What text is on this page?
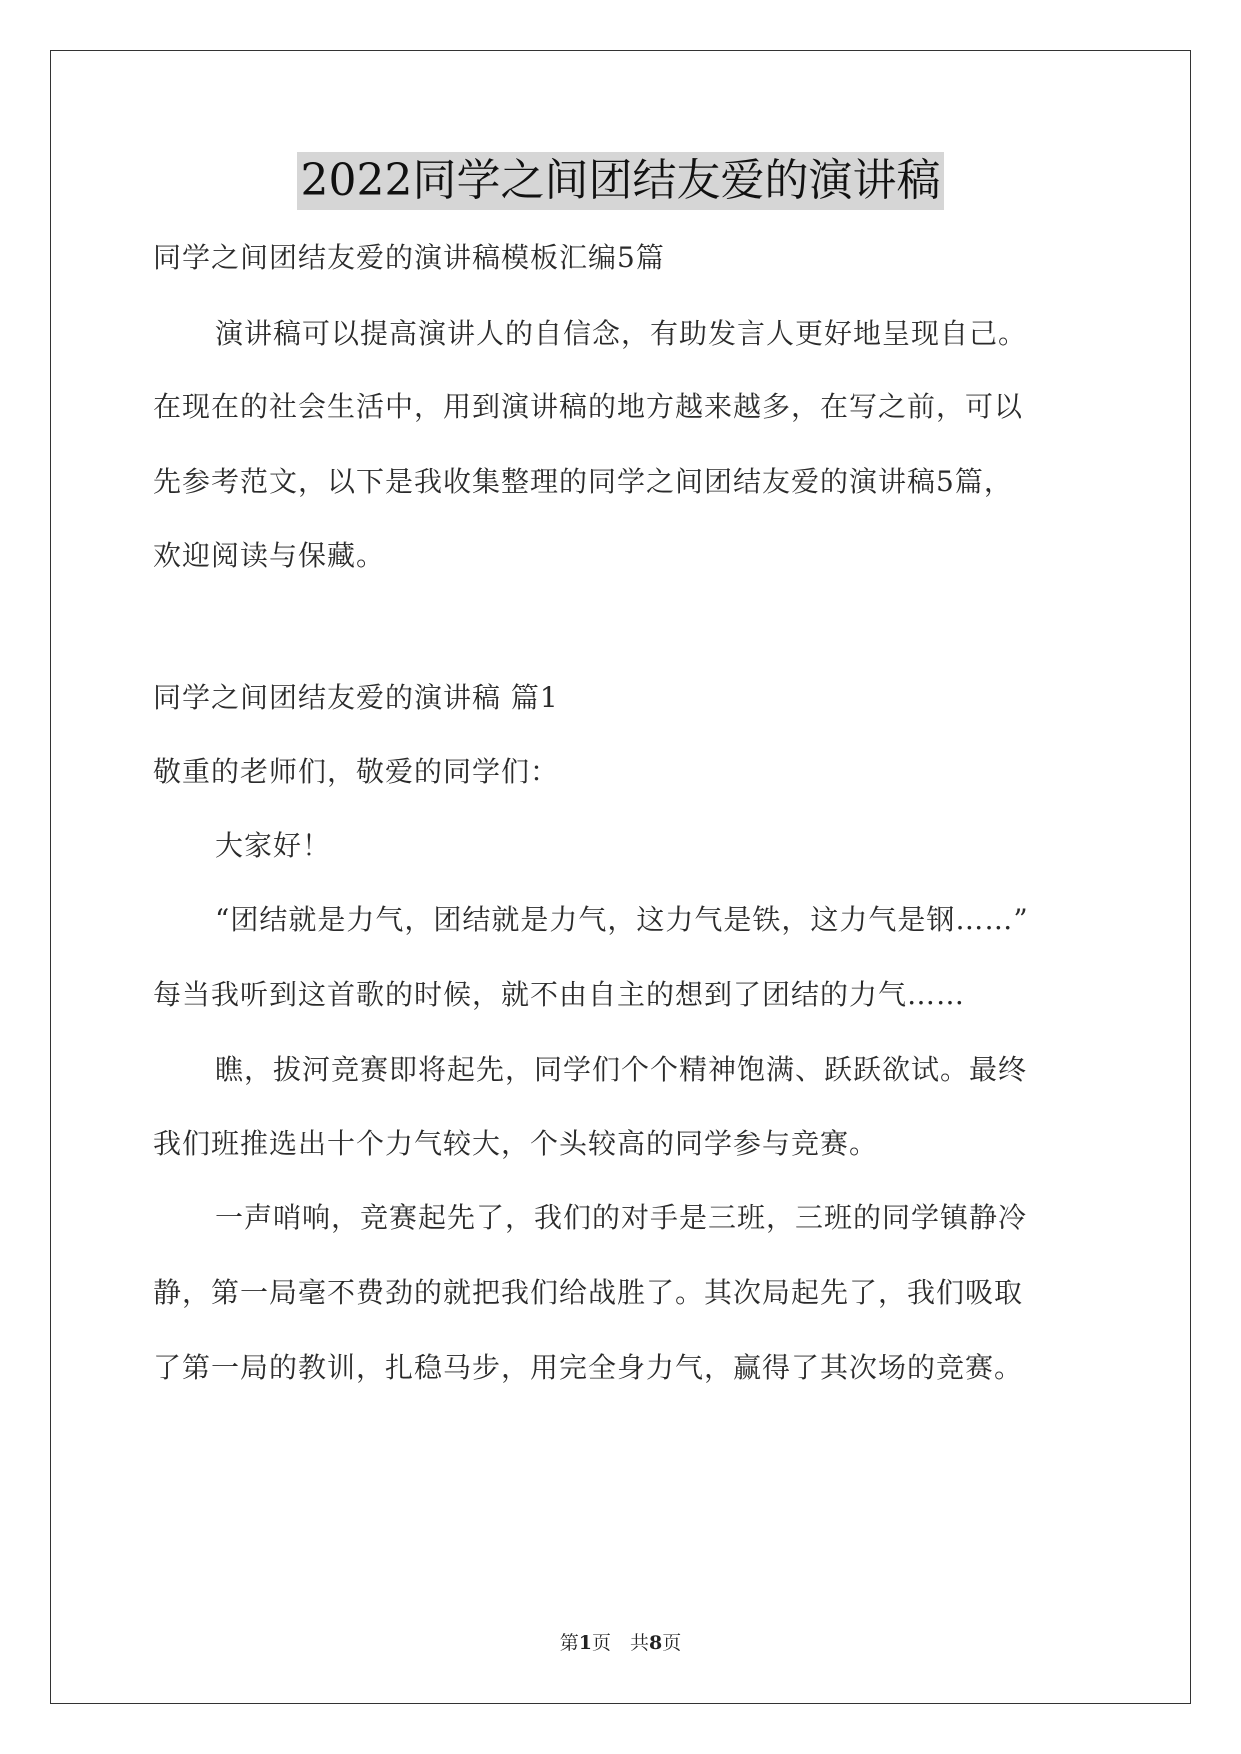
2022同学之间团结友爱的演讲稿
同学之间团结友爱的演讲稿模板汇编5篇
演讲稿可以提高演讲人的自信念，有助发言人更好地呈现自己。
在现在的社会生活中，用到演讲稿的地方越来越多，在写之前，可以
先参考范文，以下是我收集整理的同学之间团结友爱的演讲稿5篇，
欢迎阅读与保藏。
同学之间团结友爱的演讲稿 篇1
敬重的老师们，敬爱的同学们：
大家好！
“团结就是力气，团结就是力气，这力气是铁，这力气是钢……”
每当我听到这首歌的时候，就不由自主的想到了团结的力气……
瞧，拔河竞赛即将起先，同学们个个精神饱满、跃跃欲试。最终
我们班推选出十个力气较大，个头较高的同学参与竞赛。
一声哨响，竞赛起先了，我们的对手是三班，三班的同学镇静冷
静，第一局毫不费劲的就把我们给战胜了。其次局起先了，我们吸取
了第一局的教训，扎稳马步，用完全身力气，赢得了其次场的竞赛。
第1页　共8页
